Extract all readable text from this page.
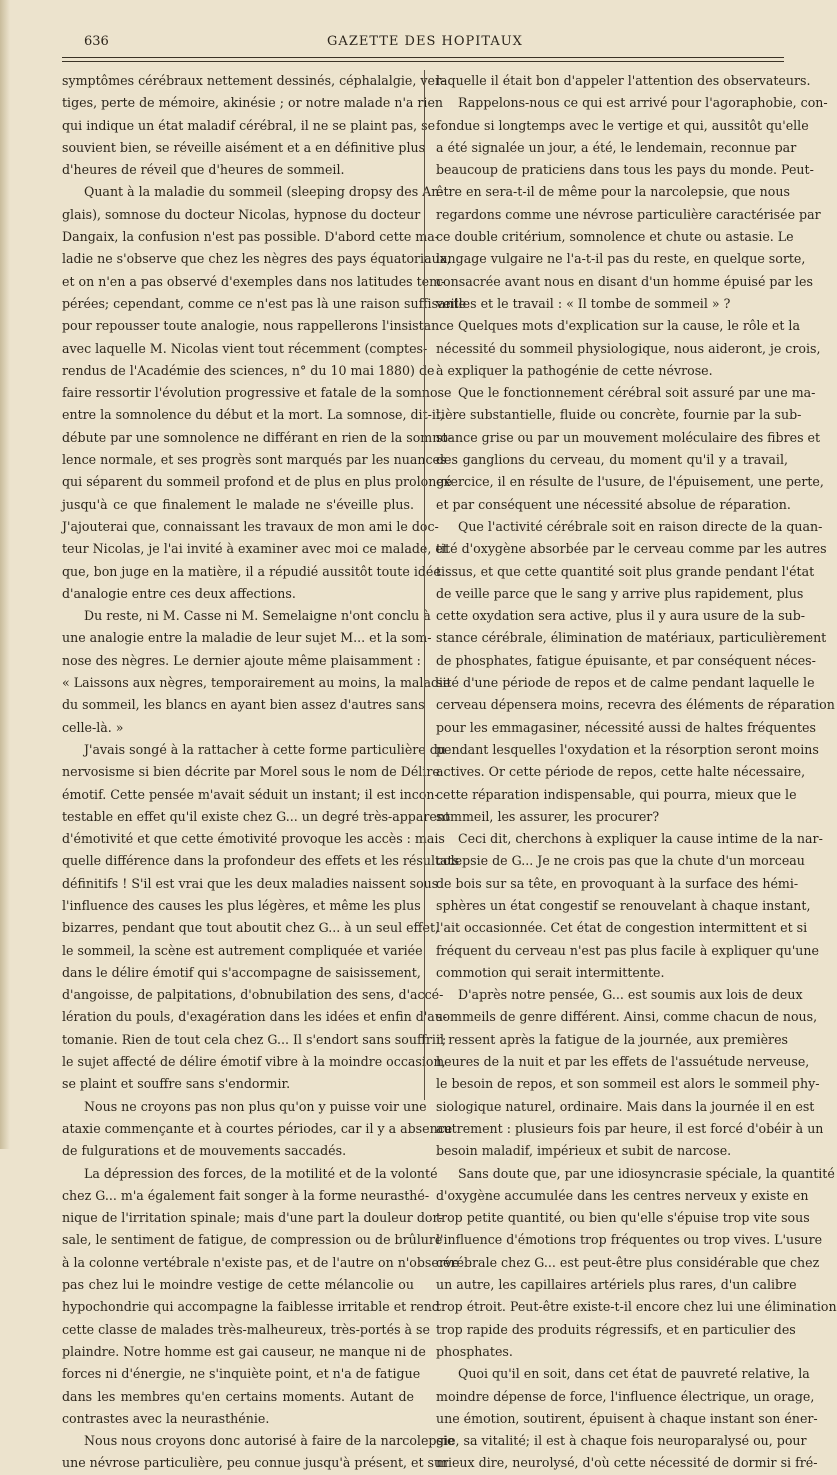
636	GAZETTE DES HOPITAUX
symptômes cérébraux nettement dessinés, céphalalgie, ver-
tiges, perte de mémoire, akinésie ; or notre malade n'a rien
qui indique un état maladif cérébral, il ne se plaint pas, se
souvient bien, se réveille aisément et a en définitive plus
d'heures de réveil que d'heures de sommeil.
Quant à la maladie du sommeil (sleeping dropsy des An-
glais), somnose du docteur Nicolas, hypnose du docteur
Dangaix, la confusion n'est pas possible. D'abord cette ma-
ladie ne s'observe que chez les nègres des pays équatoriaux,
et on n'en a pas observé d'exemples dans nos latitudes tem-
pérées; cependant, comme ce n'est pas là une raison suffisante
pour repousser toute analogie, nous rappellerons l'insistance
avec laquelle M. Nicolas vient tout récemment (comptes-
rendus de l'Académie des sciences, n° du 10 mai 1880) de
faire ressortir l'évolution progressive et fatale de la somnose
entre la somnolence du début et la mort. La somnose, dit-il,
débute par une somnolence ne différant en rien de la somno-
lence normale, et ses progrès sont marqués par les nuances
qui séparent du sommeil profond et de plus en plus prolongé
jusqu'à ce que finalement le malade ne s'éveille plus.
J'ajouterai que, connaissant les travaux de mon ami le doc-
teur Nicolas, je l'ai invité à examiner avec moi ce malade, et
que, bon juge en la matière, il a répudié aussitôt toute idée
d'analogie entre ces deux affections.
Du reste, ni M. Casse ni M. Semelaigne n'ont conclu à
une analogie entre la maladie de leur sujet M... et la som-
nose des nègres. Le dernier ajoute même plaisamment :
« Laissons aux nègres, temporairement au moins, la maladie
du sommeil, les blancs en ayant bien assez d'autres sans
celle-là. »
J'avais songé à la rattacher à cette forme particulière du
nervosisme si bien décrite par Morel sous le nom de Délire
émotif. Cette pensée m'avait séduit un instant; il est incon-
testable en effet qu'il existe chez G... un degré très-apparent
d'émotivité et que cette émotivité provoque les accès : mais
quelle différence dans la profondeur des effets et les résultats
définitifs ! S'il est vrai que les deux maladies naissent sous
l'influence des causes les plus légères, et même les plus
bizarres, pendant que tout aboutit chez G... à un seul effet,
le sommeil, la scène est autrement compliquée et variée
dans le délire émotif qui s'accompagne de saisissement,
d'angoisse, de palpitations, d'obnubilation des sens, d'accé-
lération du pouls, d'exagération dans les idées et enfin d'au-
tomanie. Rien de tout cela chez G... Il s'endort sans souffrir;
le sujet affecté de délire émotif vibre à la moindre occasion,
se plaint et souffre sans s'endormir.
Nous ne croyons pas non plus qu'on y puisse voir une
ataxie commençante et à courtes périodes, car il y a absence
de fulgurations et de mouvements saccadés.
La dépression des forces, de la motilité et de la volonté
chez G... m'a également fait songer à la forme neurasthé-
nique de l'irritation spinale; mais d'une part la douleur dor-
sale, le sentiment de fatigue, de compression ou de brûlure
à la colonne vertébrale n'existe pas, et de l'autre on n'observe
pas chez lui le moindre vestige de cette mélancolie ou
hypochondrie qui accompagne la faiblesse irritable et rend
cette classe de malades très-malheureux, très-portés à se
plaindre. Notre homme est gai causeur, ne manque ni de
forces ni d'énergie, ne s'inquiète point, et n'a de fatigue
dans les membres qu'en certains moments. Autant de
contrastes avec la neurasthénie.
Nous nous croyons donc autorisé à faire de la narcolepsie
une névrose particulière, peu connue jusqu'à présent, et sur
laquelle il était bon d'appeler l'attention des observateurs.
Rappelons-nous ce qui est arrivé pour l'agoraphobie, con-
fondue si longtemps avec le vertige et qui, aussitôt qu'elle
a été signalée un jour, a été, le lendemain, reconnue par
beaucoup de praticiens dans tous les pays du monde. Peut-
être en sera-t-il de même pour la narcolepsie, que nous
regardons comme une névrose particulière caractérisée par
ce double critérium, somnolence et chute ou astasie. Le
langage vulgaire ne l'a-t-il pas du reste, en quelque sorte,
consacrée avant nous en disant d'un homme épuisé par les
veilles et le travail : « Il tombe de sommeil » ?
Quelques mots d'explication sur la cause, le rôle et la
nécessité du sommeil physiologique, nous aideront, je crois,
à expliquer la pathogénie de cette névrose.
Que le fonctionnement cérébral soit assuré par une ma-
tière substantielle, fluide ou concrète, fournie par la sub-
stance grise ou par un mouvement moléculaire des fibres et
des ganglions du cerveau, du moment qu'il y a travail,
exercice, il en résulte de l'usure, de l'épuisement, une perte,
et par conséquent une nécessité absolue de réparation.
Que l'activité cérébrale soit en raison directe de la quan-
tité d'oxygène absorbée par le cerveau comme par les autres
tissus, et que cette quantité soit plus grande pendant l'état
de veille parce que le sang y arrive plus rapidement, plus
cette oxydation sera active, plus il y aura usure de la sub-
stance cérébrale, élimination de matériaux, particulièrement
de phosphates, fatigue épuisante, et par conséquent néces-
sité d'une période de repos et de calme pendant laquelle le
cerveau dépensera moins, recevra des éléments de réparation
pour les emmagasiner, nécessité aussi de haltes fréquentes
pendant lesquelles l'oxydation et la résorption seront moins
actives. Or cette période de repos, cette halte nécessaire,
cette réparation indispensable, qui pourra, mieux que le
sommeil, les assurer, les procurer?
Ceci dit, cherchons à expliquer la cause intime de la nar-
colepsie de G... Je ne crois pas que la chute d'un morceau
de bois sur sa tête, en provoquant à la surface des hémi-
sphères un état congestif se renouvelant à chaque instant,
l'ait occasionnée. Cet état de congestion intermittent et si
fréquent du cerveau n'est pas plus facile à expliquer qu'une
commotion qui serait intermittente.
D'après notre pensée, G... est soumis aux lois de deux
sommeils de genre différent. Ainsi, comme chacun de nous,
il ressent après la fatigue de la journée, aux premières
heures de la nuit et par les effets de l'assuétude nerveuse,
le besoin de repos, et son sommeil est alors le sommeil phy-
siologique naturel, ordinaire. Mais dans la journée il en est
autrement : plusieurs fois par heure, il est forcé d'obéir à un
besoin maladif, impérieux et subit de narcose.
Sans doute que, par une idiosyncrasie spéciale, la quantité
d'oxygène accumulée dans les centres nerveux y existe en
trop petite quantité, ou bien qu'elle s'épuise trop vite sous
l'influence d'émotions trop fréquentes ou trop vives. L'usure
cérébrale chez G... est peut-être plus considérable que chez
un autre, les capillaires artériels plus rares, d'un calibre
trop étroit. Peut-être existe-t-il encore chez lui une élimination
trop rapide des produits régressifs, et en particulier des
phosphates.
Quoi qu'il en soit, dans cet état de pauvreté relative, la
moindre dépense de force, l'influence électrique, un orage,
une émotion, soutirent, épuisent à chaque instant son éner-
gie, sa vitalité; il est à chaque fois neuroparalysé ou, pour
mieux dire, neurolysé, d'où cette nécessité de dormir si fré-
